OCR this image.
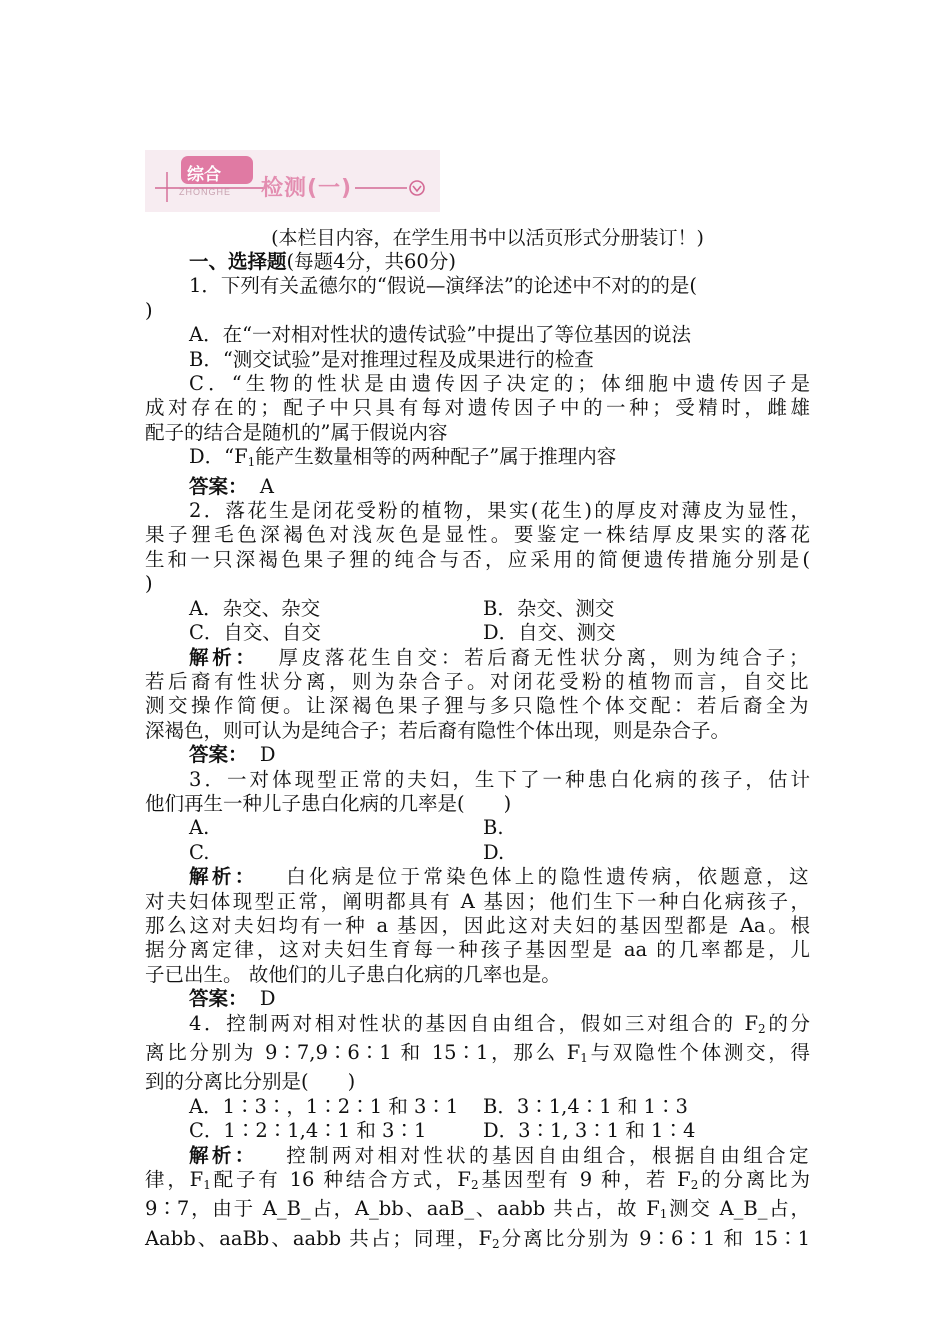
综合
ZHONGHE 检测(一)
(本栏目内容，在学生用书中以活页形式分册装订！)
一、选择题(每题4分，共60分)
1．下列有关孟德尔的“假说—演绎法”的论述中不对的的是(
)
A．在“一对相对性状的遗传试验”中提出了等位基因的说法
B．“测交试验”是对推理过程及成果进行的检查
C．“生物的性状是由遗传因子决定的；体细胞中遗传因子是
成对存在的；配子中只具有每对遗传因子中的一种；受精时，雌雄
配子的结合是随机的”属于假说内容
D．“$F_1$能产生数量相等的两种配子”属于推理内容
答案： A
2．落花生是闭花受粉的植物，果实(花生)的厚皮对薄皮为显性，
果子狸毛色深褐色对浅灰色是显性。要鉴定一株结厚皮果实的落花
生和一只深褐色果子狸的纯合与否，应采用的简便遗传措施分别是(
)
A．杂交、杂交	B．杂交、测交
C．自交、自交	D．自交、测交
解析： 厚皮落花生自交：若后裔无性状分离，则为纯合子；
若后裔有性状分离，则为杂合子。对闭花受粉的植物而言，自交比
测交操作简便。让深褐色果子狸与多只隐性个体交配：若后裔全为
深褐色，则可认为是纯合子；若后裔有隐性个体出现，则是杂合子。
答案： D
3．一对体现型正常的夫妇，生下了一种患白化病的孩子，估计
他们再生一种儿子患白化病的几率是(　　)
A.	B.
C.	D.
解析： 白化病是位于常染色体上的隐性遗传病，依题意，这
对夫妇体现型正常，阐明都具有 A 基因；他们生下一种白化病孩子，
那么这对夫妇均有一种 a 基因，因此这对夫妇的基因型都是 Aa。根
据分离定律，这对夫妇生育每一种孩子基因型是 aa 的几率都是，儿
子已出生。 故他们的儿子患白化病的几率也是。
答案： D
4．控制两对相对性状的基因自由组合，假如三对组合的 $F_2$的分
离比分别为 9∶7,9∶6∶1 和 15∶1，那么 $F_1$与双隐性个体测交，得
到的分离比分别是(　　)
A．1∶3∶，1∶2∶1 和 3∶1	B．3∶1,4∶1 和 1∶3
C．1∶2∶1,4∶1 和 3∶1	D．3∶1, 3∶1 和 1∶4
解析： 控制两对相对性状的基因自由组合，根据自由组合定
律，$F_1$配子有 16 种结合方式，$F_2$基因型有 9 种，若 $F_2$的分离比为
9∶7，由于 A_B_占，A_bb、aaB_、aabb 共占，故 $F_1$测交 A_B_占，
Aabb、aaBb、aabb 共占；同理，$F_2$分离比分别为 9∶6∶1 和 15∶1
